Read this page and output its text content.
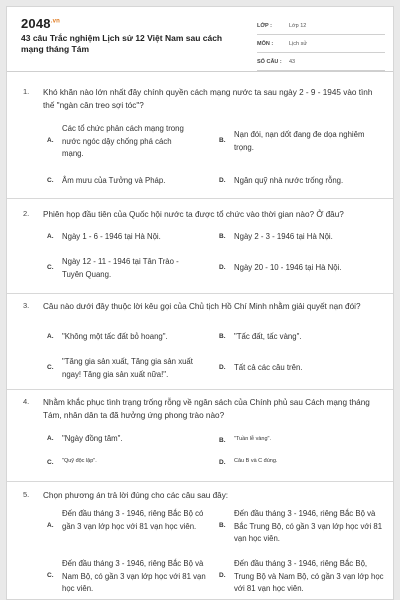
$2048^{.vn}$
43 câu Trắc nghiệm Lịch sử 12 Việt Nam sau cách mạng tháng Tám
LỚP :	Lớp 12
MÔN :	Lịch sử
SỐ CÂU :	43
1. Khó khăn nào lớn nhất đây chính quyền cách mạng nước ta sau ngày 2 - 9 - 1945 vào tình thế "ngàn cân treo sợi tóc"?
A.
Các tổ chức phản cách mạng trong nước ngóc dậy chống phá cách mạng.
B.
Nạn đói, nạn dốt đang đe dọa nghiêm trọng.
C. Âm mưu của Tưởng và Pháp.	D. Ngân quỹ nhà nước trống rỗng.
2. Phiên họp đầu tiên của Quốc hội nước ta được tổ chức vào thời gian nào? Ở đâu?
A. Ngày 1 - 6 - 1946 tại Hà Nội.	B. Ngày 2 - 3 - 1946 tại Hà Nội.
C.
Ngày 12 - 11 - 1946 tại Tân Trào - Tuyên Quang.
D. Ngày 20 - 10 - 1946 tại Hà Nội.
3. Câu nào dưới đây thuộc lời kêu gọi của Chủ tịch Hồ Chí Minh nhằm giải quyết nạn đói?
A. "Không một tấc đất bỏ hoang".	B. "Tấc đất, tấc vàng".
C.
"Tăng gia sản xuất, Tăng gia sản xuất ngay! Tăng gia sản xuất nữa!".
D. Tất cả các câu trên.
4. Nhằm khắc phục tình trạng trống rỗng về ngân sách của Chính phủ sau Cách mạng tháng Tám, nhân dân ta đã hưởng ứng phong trào nào?
A. "Ngày đồng tâm".	B. "Tuần lễ vàng".
C. "Quỹ độc lập".	D. Câu B và C đúng.
5. Chọn phương án trả lời đúng cho các câu sau đây:
A.
Đến đầu tháng 3 - 1946, riêng Bắc Bộ có gần 3 vạn lớp học với 81 vạn học viên.	B.
Đến đầu tháng 3 - 1946, riêng Bắc Bộ và Bắc Trung Bộ, có gần 3 vạn lớp học với 81 vạn học viên.
C.
Đến đầu tháng 3 - 1946, riêng Bắc Bộ và Nam Bộ, có gần 3 vạn lớp học với 81 vạn học viên.
D.
Đến đầu tháng 3 - 1946, riêng Bắc Bộ, Trung Bộ và Nam Bộ, có gần 3 vạn lớp học với 81 vạn học viên.
